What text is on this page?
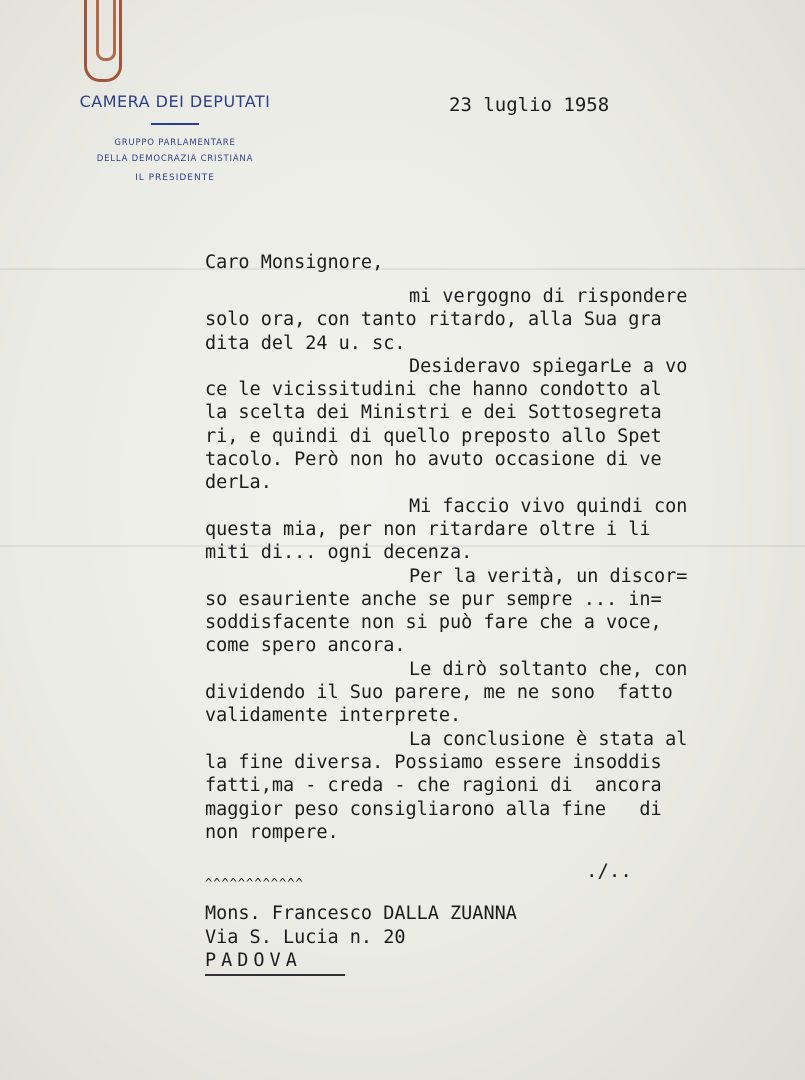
CAMERA DEI DEPUTATI
GRUPPO PARLAMENTARE
DELLA DEMOCRAZIA CRISTIANA
IL PRESIDENTE
23 luglio 1958
Caro Monsignore,
mi vergogno di rispondere
solo ora, con tanto ritardo, alla Sua gra
dita del 24 u. sc.
Desideravo spiegarLe a vo
ce le vicissitudini che hanno condotto al
la scelta dei Ministri e dei Sottosegreta
ri, e quindi di quello preposto allo Spet
tacolo. Però non ho avuto occasione di ve
derLa.
Mi faccio vivo quindi con
questa mia, per non ritardare oltre i li
miti di... ogni decenza.
Per la verità, un discor=
so esauriente anche se pur sempre ... in=
soddisfacente non si può fare che a voce,
come spero ancora.
Le dirò soltanto che, con
dividendo il Suo parere, me ne sono  fatto
validamente interprete.
La conclusione è stata al
la fine diversa. Possiamo essere insoddis
fatti,ma - creda - che ragioni di  ancora
maggior peso consigliarono alla fine   di
non rompere.
./..
^^^^^^^^^^^^
Mons. Francesco DALLA ZUANNA
Via S. Lucia n. 20
PADOVA
